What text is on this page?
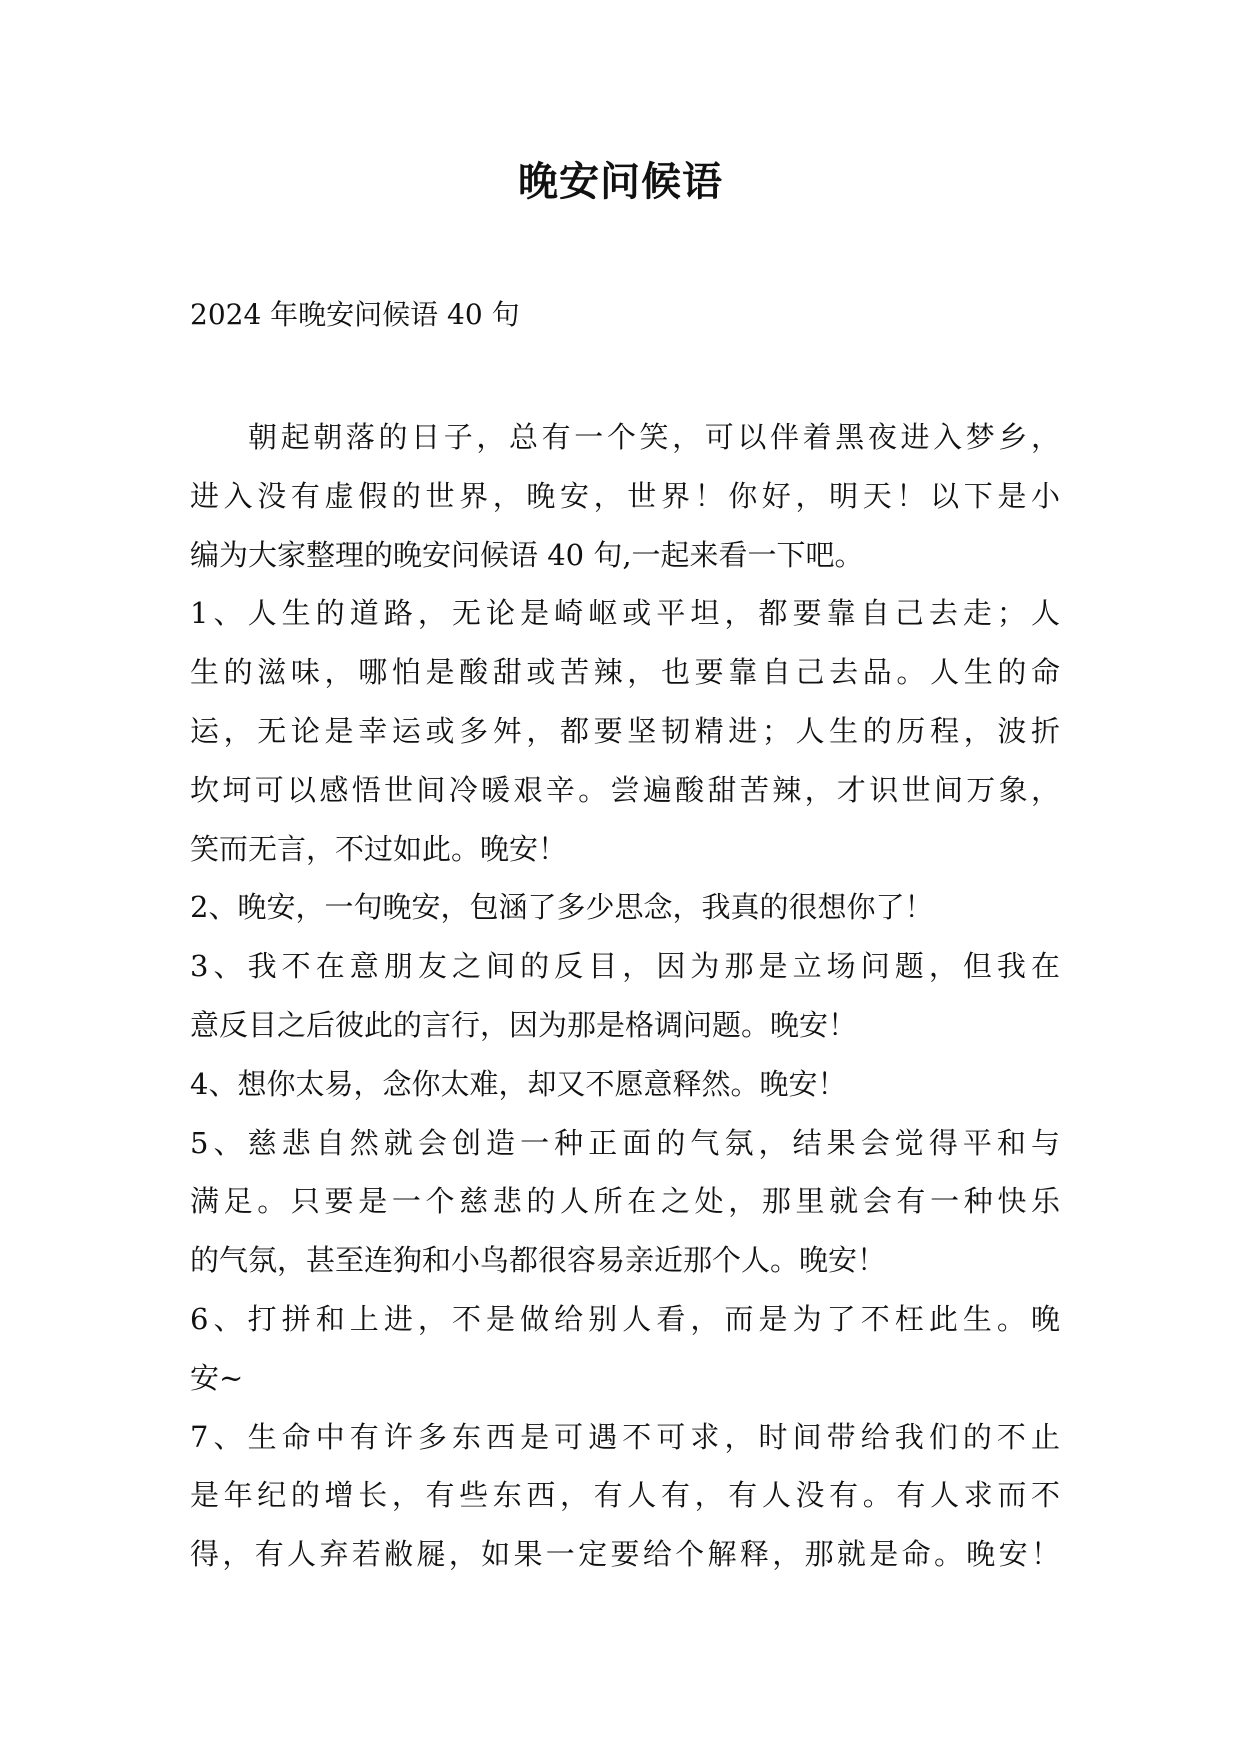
晚安问候语
2024 年晚安问候语 40 句
朝起朝落的日子，总有一个笑，可以伴着黑夜进入梦乡，
进入没有虚假的世界，晚安，世界！你好，明天！以下是小
编为大家整理的晚安问候语 40 句,一起来看一下吧。
1、人生的道路，无论是崎岖或平坦，都要靠自己去走；人
生的滋味，哪怕是酸甜或苦辣，也要靠自己去品。人生的命
运，无论是幸运或多舛，都要坚韧精进；人生的历程，波折
坎坷可以感悟世间冷暖艰辛。尝遍酸甜苦辣，才识世间万象，
笑而无言，不过如此。晚安！
2、晚安，一句晚安，包涵了多少思念，我真的很想你了！
3、我不在意朋友之间的反目，因为那是立场问题，但我在
意反目之后彼此的言行，因为那是格调问题。晚安！
4、想你太易，念你太难，却又不愿意释然。晚安！
5、慈悲自然就会创造一种正面的气氛，结果会觉得平和与
满足。只要是一个慈悲的人所在之处，那里就会有一种快乐
的气氛，甚至连狗和小鸟都很容易亲近那个人。晚安！
6、打拼和上进，不是做给别人看，而是为了不枉此生。晚
安~
7、生命中有许多东西是可遇不可求，时间带给我们的不止
是年纪的增长，有些东西，有人有，有人没有。有人求而不
得，有人弃若敝屣，如果一定要给个解释，那就是命。晚安！
